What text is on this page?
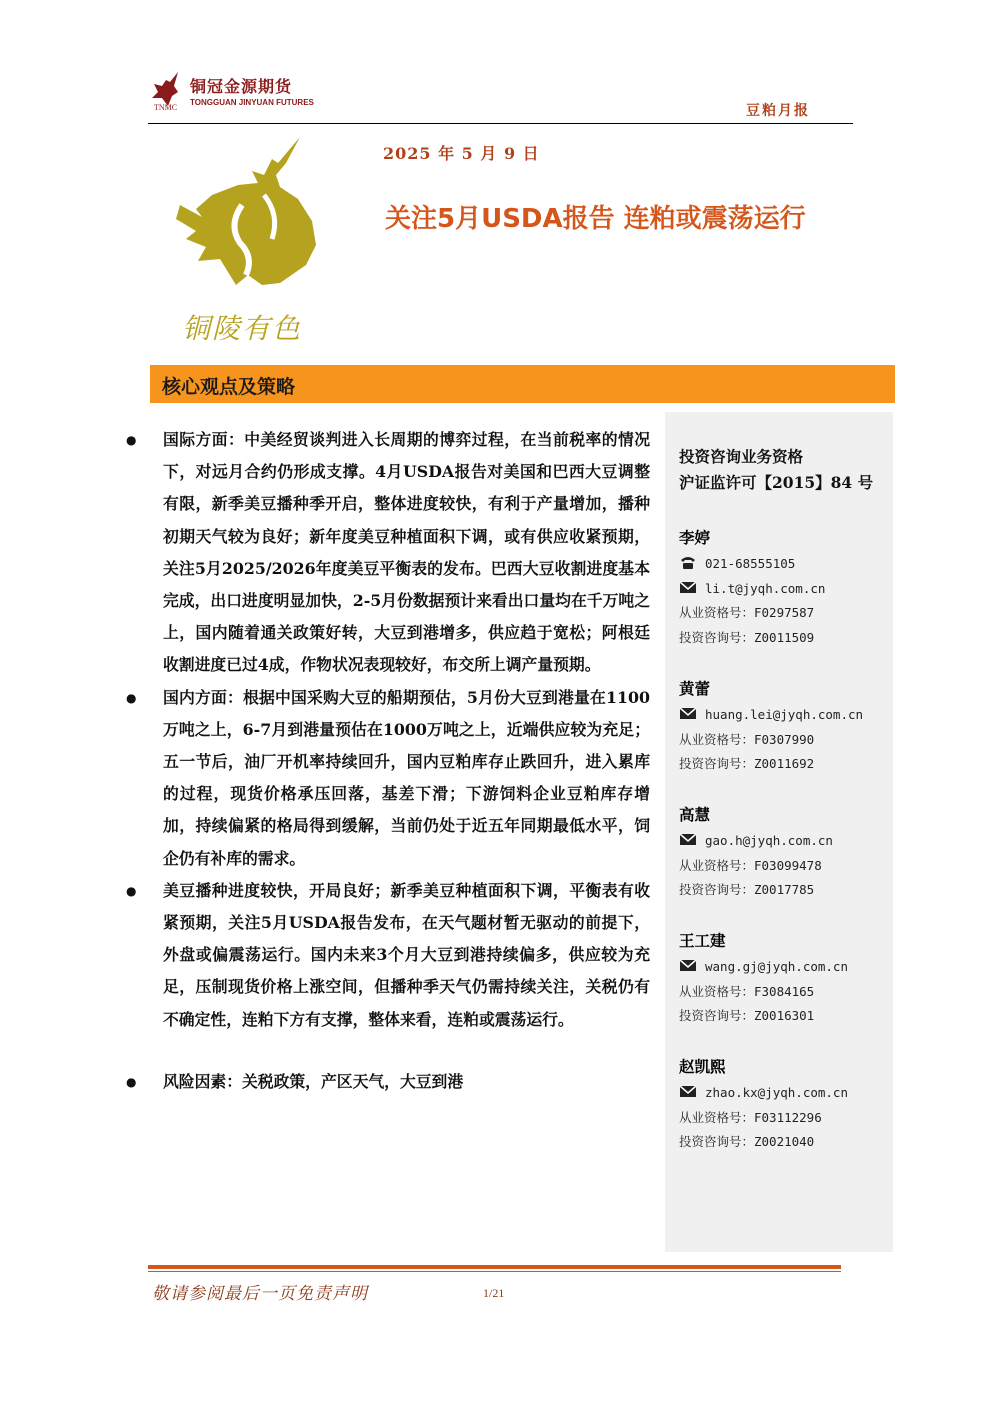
铜冠金源期货
TONGGUAN JINYUAN FUTURES
TNMC	豆粕月报
铜陵有色
2025 年 5 月 9 日
关注5月USDA报告 连粕或震荡运行
核心观点及策略
● 国际方面：中美经贸谈判进入长周期的博弈过程，在当前税率的情况下，对远月合约仍形成支撑。4月USDA报告对美国和巴西大豆调整有限，新季美豆播种季开启，整体进度较快，有利于产量增加，播种初期天气较为良好；新年度美豆种植面积下调，或有供应收紧预期，关注5月2025/2026年度美豆平衡表的发布。巴西大豆收割进度基本完成，出口进度明显加快，2-5月份数据预计来看出口量均在千万吨之上，国内随着通关政策好转，大豆到港增多，供应趋于宽松；阿根廷收割进度已过4成，作物状况表现较好，布交所上调产量预期。
● 国内方面：根据中国采购大豆的船期预估，5月份大豆到港量在1100万吨之上，6-7月到港量预估在1000万吨之上，近端供应较为充足；五一节后，油厂开机率持续回升，国内豆粕库存止跌回升，进入累库的过程，现货价格承压回落，基差下滑；下游饲料企业豆粕库存增加，持续偏紧的格局得到缓解，当前仍处于近五年同期最低水平，饲企仍有补库的需求。
● 美豆播种进度较快，开局良好；新季美豆种植面积下调，平衡表有收紧预期，关注5月USDA报告发布，在天气题材暂无驱动的前提下，外盘或偏震荡运行。国内未来3个月大豆到港持续偏多，供应较为充足，压制现货价格上涨空间，但播种季天气仍需持续关注，关税仍有不确定性，连粕下方有支撑，整体来看，连粕或震荡运行。
● 风险因素：关税政策，产区天气，大豆到港
投资咨询业务资格
沪证监许可【2015】84 号
李婷
021-68555105
li.t@jyqh.com.cn
从业资格号：F0297587
投资咨询号：Z0011509
黄蕾
huang.lei@jyqh.com.cn
从业资格号：F0307990
投资咨询号：Z0011692
高慧
gao.h@jyqh.com.cn
从业资格号：F03099478
投资咨询号：Z0017785
王工建
wang.gj@jyqh.com.cn
从业资格号：F3084165
投资咨询号：Z0016301
赵凯熙
zhao.kx@jyqh.com.cn
从业资格号：F03112296
投资咨询号：Z0021040
敬请参阅最后一页免责声明	1/21
